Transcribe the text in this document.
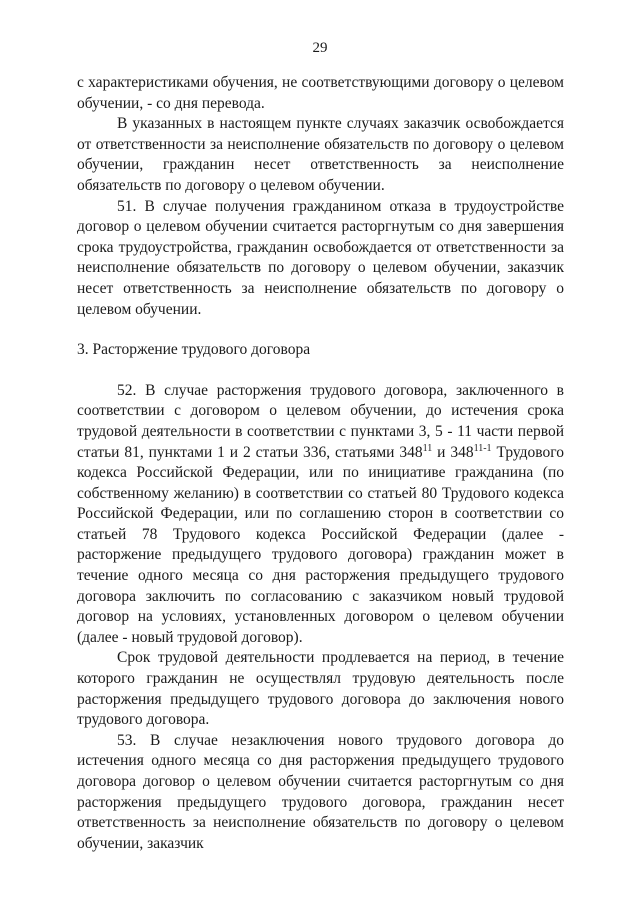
29

с характеристиками обучения, не соответствующими договору о целевом обучении, - со дня перевода.

В указанных в настоящем пункте случаях заказчик освобождается от ответственности за неисполнение обязательств по договору о целевом обучении, гражданин несет ответственность за неисполнение обязательств по договору о целевом обучении.

51. В случае получения гражданином отказа в трудоустройстве договор о целевом обучении считается расторгнутым со дня завершения срока трудоустройства, гражданин освобождается от ответственности за неисполнение обязательств по договору о целевом обучении, заказчик несет ответственность за неисполнение обязательств по договору о целевом обучении.

3. Расторжение трудового договора

52. В случае расторжения трудового договора, заключенного в соответствии с договором о целевом обучении, до истечения срока трудовой деятельности в соответствии с пунктами 3, 5 - 11 части первой статьи 81, пунктами 1 и 2 статьи 336, статьями $348^{11}$ и 348$^{11-1}$ Трудового кодекса Российской Федерации, или по инициативе гражданина (по собственному желанию) в соответствии со статьей 80 Трудового кодекса Российской Федерации, или по соглашению сторон в соответствии со статьей 78 Трудового кодекса Российской Федерации (далее - расторжение предыдущего трудового договора) гражданин может в течение одного месяца со дня расторжения предыдущего трудового договора заключить по согласованию с заказчиком новый трудовой договор на условиях, установленных договором о целевом обучении (далее - новый трудовой договор).

Срок трудовой деятельности продлевается на период, в течение которого гражданин не осуществлял трудовую деятельность после расторжения предыдущего трудового договора до заключения нового трудового договора.

53. В случае незаключения нового трудового договора до истечения одного месяца со дня расторжения предыдущего трудового договора договор о целевом обучении считается расторгнутым со дня расторжения предыдущего трудового договора, гражданин несет ответственность за неисполнение обязательств по договору о целевом обучении, заказчик
